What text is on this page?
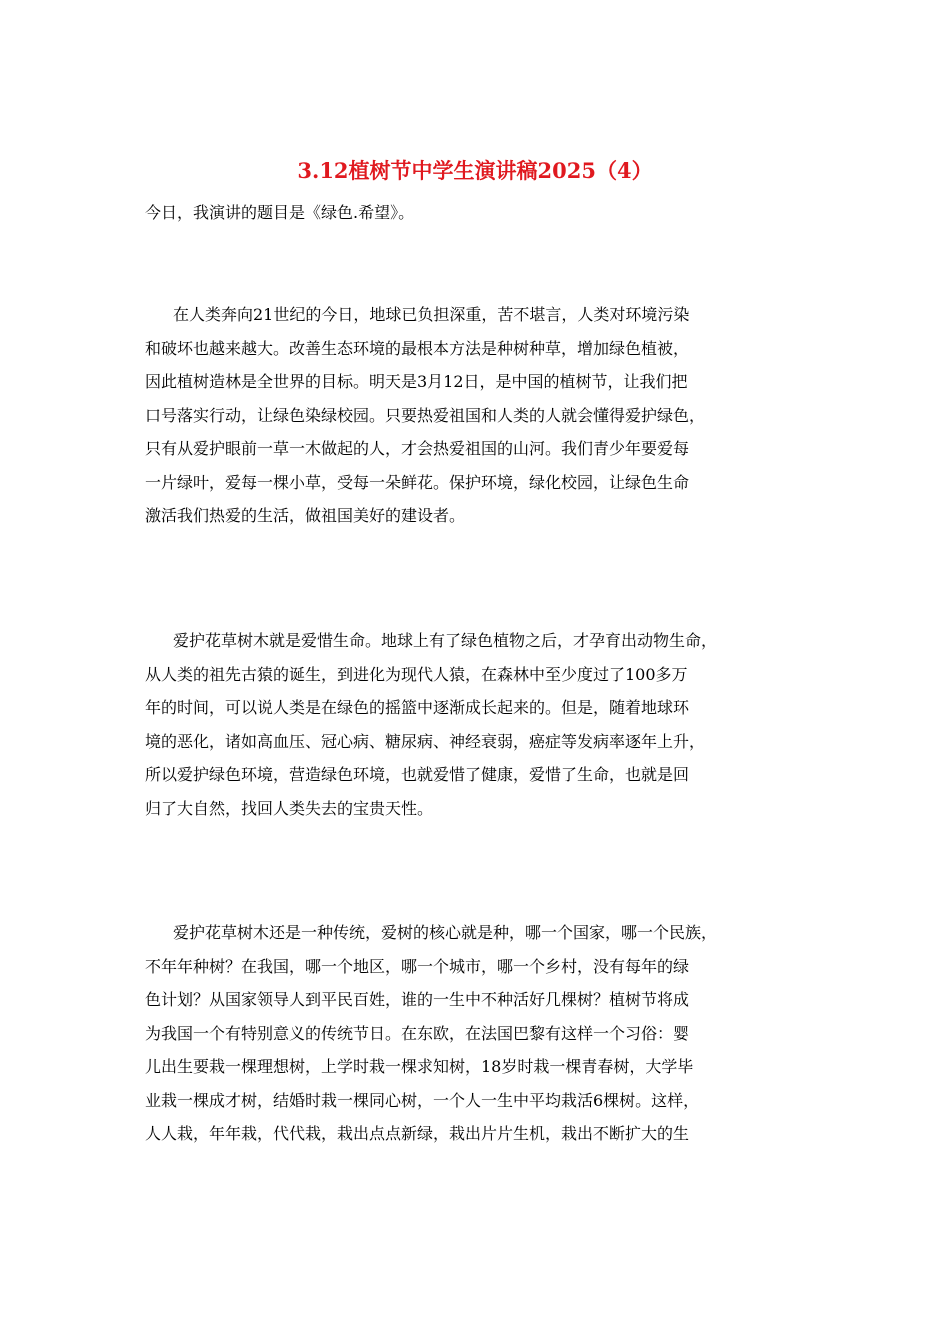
3.12植树节中学生演讲稿2025（4）

今日，我演讲的题目是《绿色.希望》。

在人类奔向21世纪的今日，地球已负担深重，苦不堪言，人类对环境污染
和破坏也越来越大。改善生态环境的最根本方法是种树种草，增加绿色植被，
因此植树造林是全世界的目标。明天是3月12日，是中国的植树节，让我们把
口号落实行动，让绿色染绿校园。只要热爱祖国和人类的人就会懂得爱护绿色，
只有从爱护眼前一草一木做起的人，才会热爱祖国的山河。我们青少年要爱每
一片绿叶，爱每一棵小草，受每一朵鲜花。保护环境，绿化校园，让绿色生命
激活我们热爱的生活，做祖国美好的建设者。
爱护花草树木就是爱惜生命。地球上有了绿色植物之后，才孕育出动物生命，
从人类的祖先古猿的诞生，到进化为现代人猿，在森林中至少度过了100多万
年的时间，可以说人类是在绿色的摇篮中逐渐成长起来的。但是，随着地球环
境的恶化，诸如高血压、冠心病、糖尿病、神经衰弱，癌症等发病率逐年上升，
所以爱护绿色环境，营造绿色环境，也就爱惜了健康，爱惜了生命，也就是回
归了大自然，找回人类失去的宝贵天性。
爱护花草树木还是一种传统，爱树的核心就是种，哪一个国家，哪一个民族，
不年年种树？在我国，哪一个地区，哪一个城市，哪一个乡村，没有每年的绿
色计划？从国家领导人到平民百姓，谁的一生中不种活好几棵树？植树节将成
为我国一个有特别意义的传统节日。在东欧，在法国巴黎有这样一个习俗：婴
儿出生要栽一棵理想树，上学时栽一棵求知树，18岁时栽一棵青春树，大学毕
业栽一棵成才树，结婚时栽一棵同心树，一个人一生中平均栽活6棵树。这样，
人人栽，年年栽，代代栽，栽出点点新绿，栽出片片生机，栽出不断扩大的生
